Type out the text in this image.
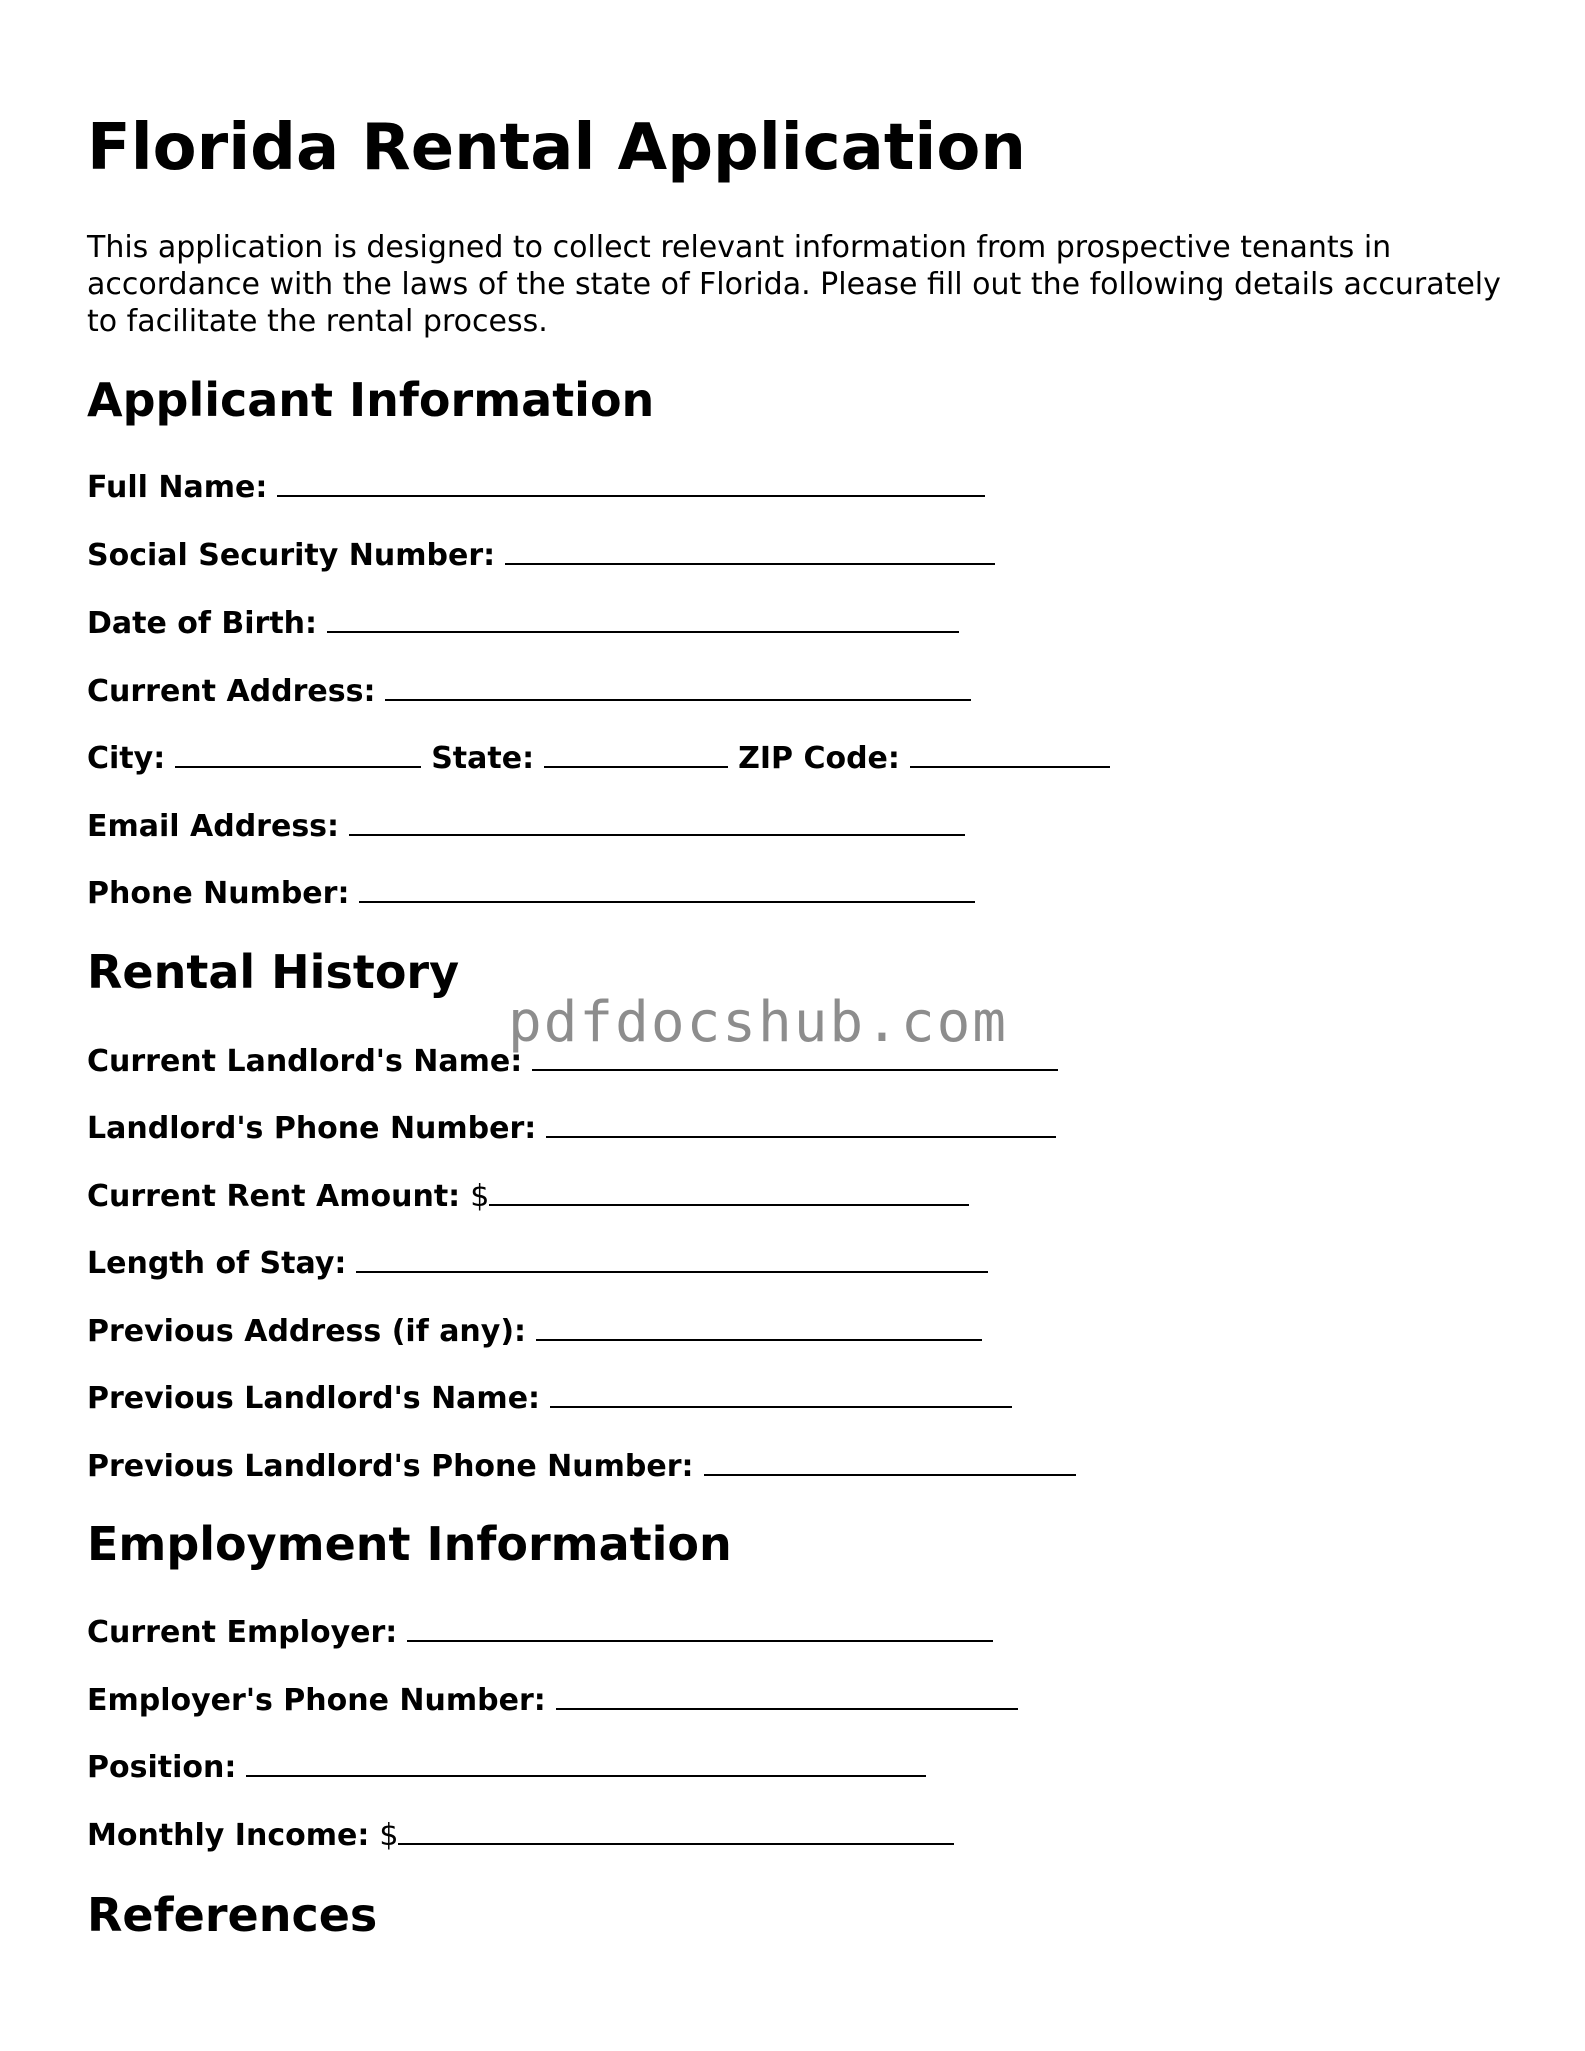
Florida Rental Application

This application is designed to collect relevant information from prospective tenants in accordance with the laws of the state of Florida. Please fill out the following details accurately to facilitate the rental process.

Applicant Information
Full Name:
Social Security Number:
Date of Birth:
Current Address:
City:	State:	ZIP Code:
Email Address:
Phone Number:
Rental History
Current Landlord's Name:
Landlord's Phone Number:
Current Rent Amount: $
Length of Stay:
Previous Address (if any):
Previous Landlord's Name:
Previous Landlord's Phone Number:
Employment Information
Current Employer:
Employer's Phone Number:
Position:
Monthly Income: $
References
pdfdocshub.com
